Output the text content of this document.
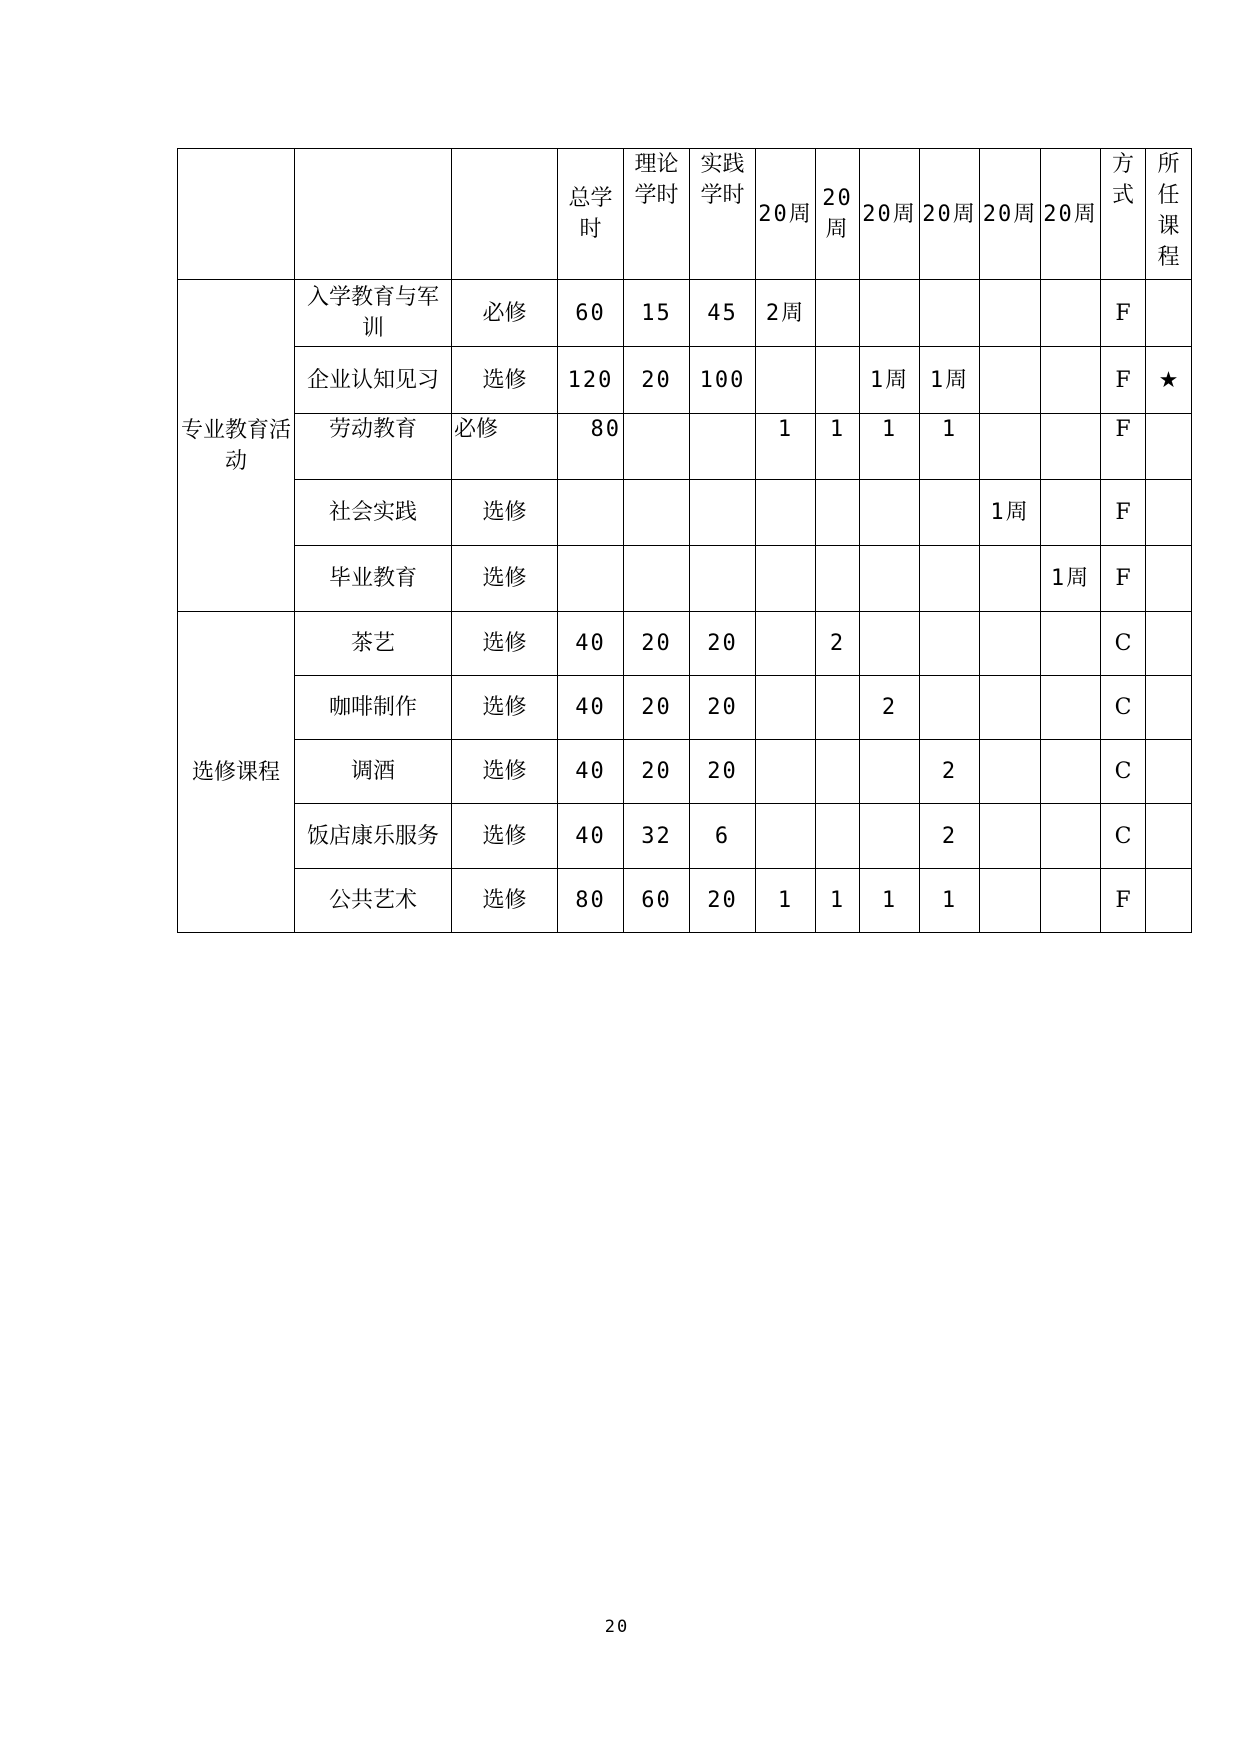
			总学时	理论学时	实践学时	20周	20周	20周	20周	20周	20周	方式	所任课程
专业教育活动	入学教育与军训	必修	60	15	45	2周						F	
	企业认知见习	选修	120	20	100			1周	1周			F	★
	劳动教育	必修	80			1	1	1	1			F	
	社会实践	选修								1周		F	
	毕业教育	选修									1周	F	
选修课程	茶艺	选修	40	20	20		2					C	
	咖啡制作	选修	40	20	20			2				C	
	调酒	选修	40	20	20				2			C	
	饭店康乐服务	选修	40	32	6				2			C	
	公共艺术	选修	80	60	20	1	1	1	1			F	
20
